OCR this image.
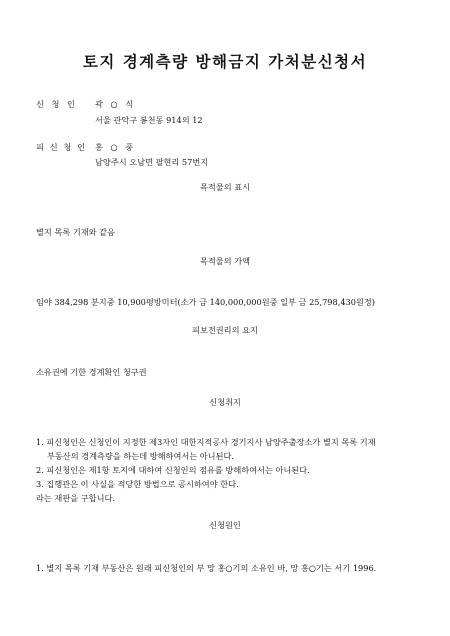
토지 경계측량 방해금지 가처분신청서
신 청 인 곽 ○ 식
서울 관악구 봉천동 914의 12
피 신 청 인 홍 ○ 풍
남양주시 오남면 팔현리 57번지
목적물의 표시
별지 목록 기재와 같음
목적물의 가액
임야 384,298 분지중 10,900평방미터(소가 금 140,000,000원중 일부 금 25,798,430원정)
피보전권리의 요지
소유권에 기한 경계확인 청구권
신청취지
1. 피신청인은 신청인이 지정한 제3자인 대한지적공사 경기지사 남양주출장소가 별지 목록 기재
부동산의 경계측량을 하는데 방해하여서는 아니된다.
2. 피신청인은 제1항 토지에 대하여 신청인의 점유를 방해하여서는 아니된다.
3. 집행관은 이 사실을 적당한 방법으로 공시하여야 한다.
라는 재판을 구합니다.
신청원인
1. 별지 목록 기재 부동산은 원래 피신청인의 부 망 홍○기의 소유인 바, 망 홍○기는 서기 1996.
